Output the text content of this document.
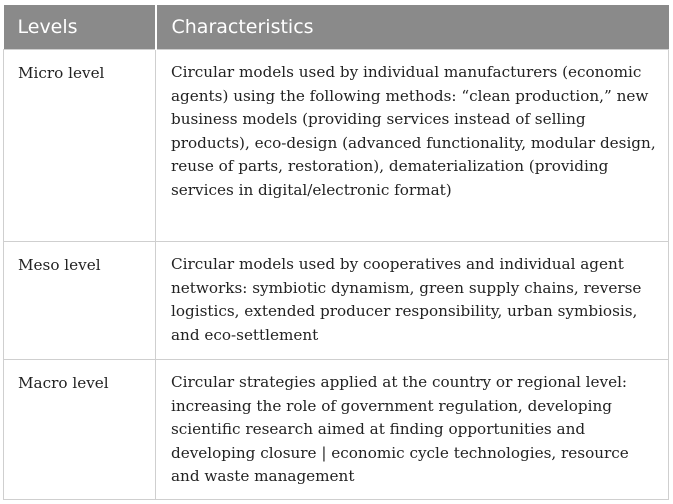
Levels	Characteristics
Micro level	Circular models used by individual manufacturers (economic agents) using the following methods: “clean production,” new business models (providing services instead of selling products), eco-design (advanced functionality, modular design, reuse of parts, restoration), dematerialization (providing services in digital/electronic format)
Meso level	Circular models used by cooperatives and individual agent networks: symbiotic dynamism, green supply chains, reverse logistics, extended producer responsibility, urban symbiosis, and eco-settlement
Macro level	Circular strategies applied at the country or regional level: increasing the role of government regulation, developing scientific research aimed at finding opportunities and developing closure | economic cycle technologies, resource and waste management
